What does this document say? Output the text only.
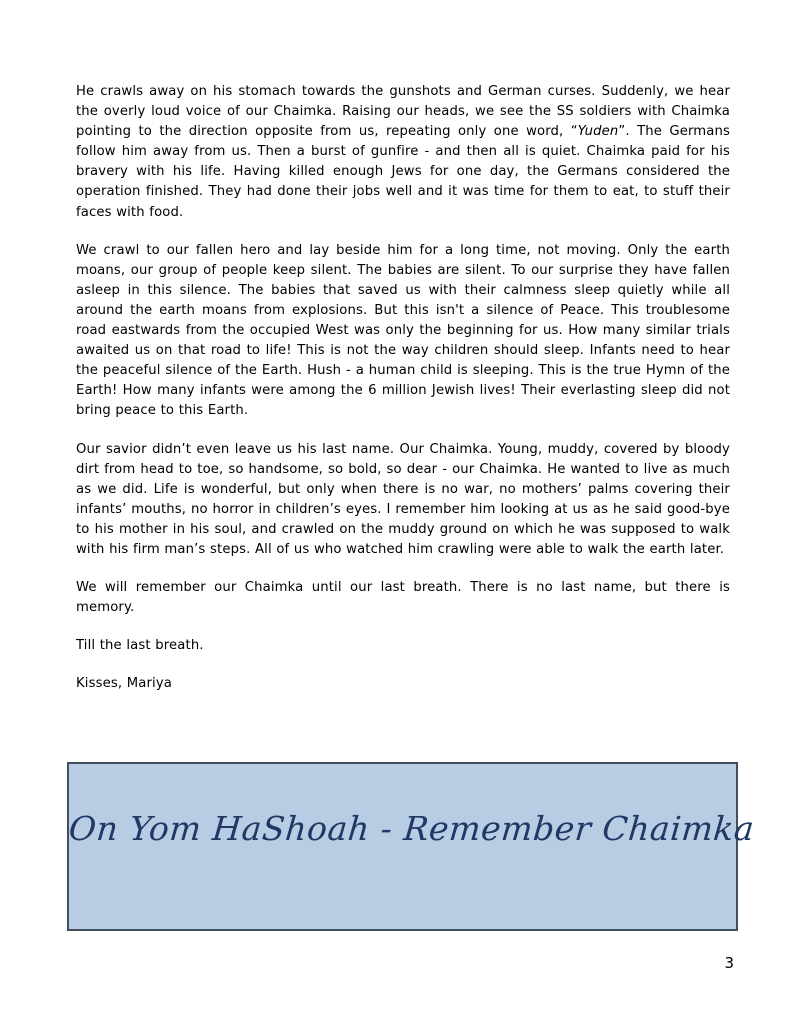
He crawls away on his stomach towards the gunshots and German curses. Suddenly, we hear the overly loud voice of our Chaimka. Raising our heads, we see the SS soldiers with Chaimka pointing to the direction opposite from us, repeating only one word, “Yuden”. The Germans follow him away from us. Then a burst of gunfire - and then all is quiet. Chaimka paid for his bravery with his life. Having killed enough Jews for one day, the Germans considered the operation finished. They had done their jobs well and it was time for them to eat, to stuff their faces with food.

We crawl to our fallen hero and lay beside him for a long time, not moving. Only the earth moans, our group of people keep silent. The babies are silent. To our surprise they have fallen asleep in this silence. The babies that saved us with their calmness sleep quietly while all around the earth moans from explosions. But this isn't a silence of Peace. This troublesome road eastwards from the occupied West was only the beginning for us. How many similar trials awaited us on that road to life! This is not the way children should sleep. Infants need to hear the peaceful silence of the Earth. Hush - a human child is sleeping. This is the true Hymn of the Earth! How many infants were among the 6 million Jewish lives! Their everlasting sleep did not bring peace to this Earth.

Our savior didn’t even leave us his last name. Our Chaimka. Young, muddy, covered by bloody dirt from head to toe, so handsome, so bold, so dear - our Chaimka. He wanted to live as much as we did. Life is wonderful, but only when there is no war, no mothers’ palms covering their infants’ mouths, no horror in children’s eyes. I remember him looking at us as he said good-bye to his mother in his soul, and crawled on the muddy ground on which he was supposed to walk with his firm man’s steps. All of us who watched him crawling were able to walk the earth later.

We will remember our Chaimka until our last breath. There is no last name, but there is memory.

Till the last breath.

Kisses, Mariya

On Yom HaShoah - Remember Chaimka
3
